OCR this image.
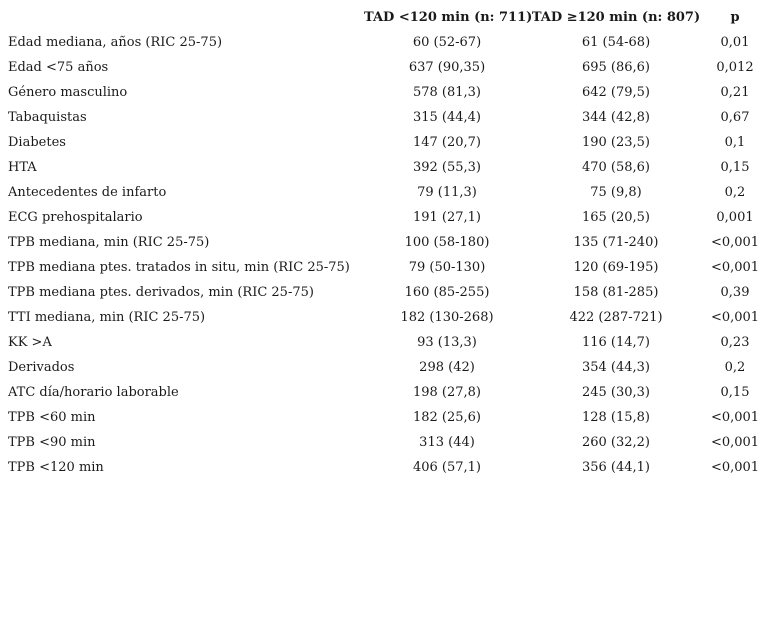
	TAD <120 min (n: 711)	TAD ≥120 min (n: 807)	p
Edad mediana, años (RIC 25-75)	60 (52-67)	61 (54-68)	0,01
Edad <75 años	637 (90,35)	695 (86,6)	0,012
Género masculino	578 (81,3)	642 (79,5)	0,21
Tabaquistas	315 (44,4)	344 (42,8)	0,67
Diabetes	147 (20,7)	190 (23,5)	0,1
HTA	392 (55,3)	470 (58,6)	0,15
Antecedentes de infarto	79 (11,3)	75 (9,8)	0,2
ECG prehospitalario	191 (27,1)	165 (20,5)	0,001
TPB mediana, min (RIC 25-75)	100 (58-180)	135 (71-240)	<0,001
TPB mediana ptes. tratados in situ, min (RIC 25-75)	79 (50-130)	120 (69-195)	<0,001
TPB mediana ptes. derivados, min (RIC 25-75)	160 (85-255)	158 (81-285)	0,39
TTI mediana, min (RIC 25-75)	182 (130-268)	422 (287-721)	<0,001
KK >A	93 (13,3)	116 (14,7)	0,23
Derivados	298 (42)	354 (44,3)	0,2
ATC día/horario laborable	198 (27,8)	245 (30,3)	0,15
TPB <60 min	182 (25,6)	128 (15,8)	<0,001
TPB <90 min	313 (44)	260 (32,2)	<0,001
TPB <120 min	406 (57,1)	356 (44,1)	<0,001
